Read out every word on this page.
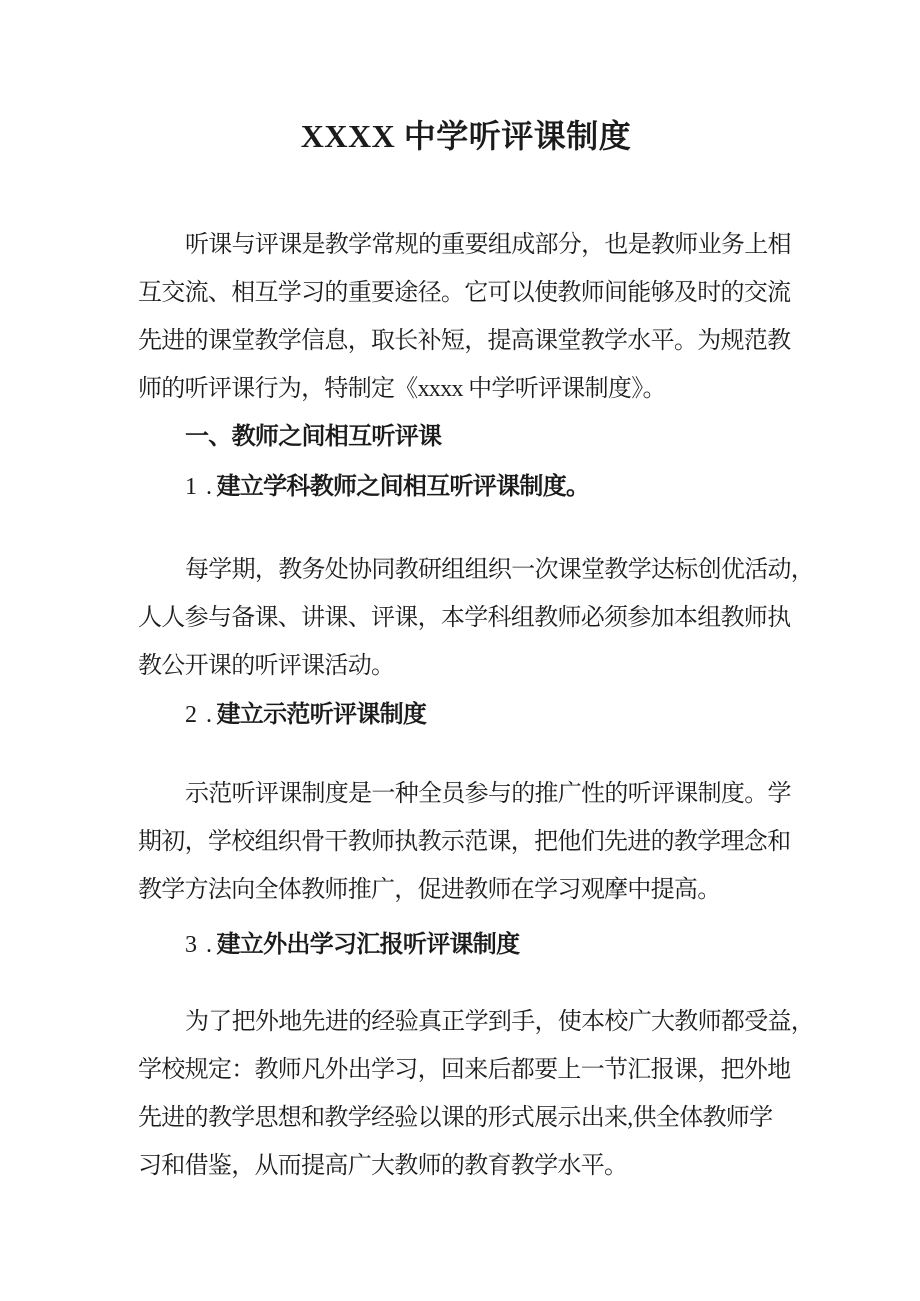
XXXX 中学听评课制度
听课与评课是教学常规的重要组成部分，也是教师业务上相
互交流、相互学习的重要途径。它可以使教师间能够及时的交流
先进的课堂教学信息，取长补短，提高课堂教学水平。为规范教
师的听评课行为，特制定《xxxx 中学听评课制度》。
一、教师之间相互听评课
1 . 建立学科教师之间相互听评课制度。
每学期，教务处协同教研组组织一次课堂教学达标创优活动，
人人参与备课、讲课、评课，本学科组教师必须参加本组教师执
教公开课的听评课活动。
2 . 建立示范听评课制度
示范听评课制度是一种全员参与的推广性的听评课制度。学
期初，学校组织骨干教师执教示范课，把他们先进的教学理念和
教学方法向全体教师推广，促进教师在学习观摩中提高。
3 . 建立外出学习汇报听评课制度
为了把外地先进的经验真正学到手，使本校广大教师都受益，
学校规定：教师凡外出学习，回来后都要上一节汇报课，把外地
先进的教学思想和教学经验以课的形式展示出来,供全体教师学
习和借鉴，从而提高广大教师的教育教学水平。
